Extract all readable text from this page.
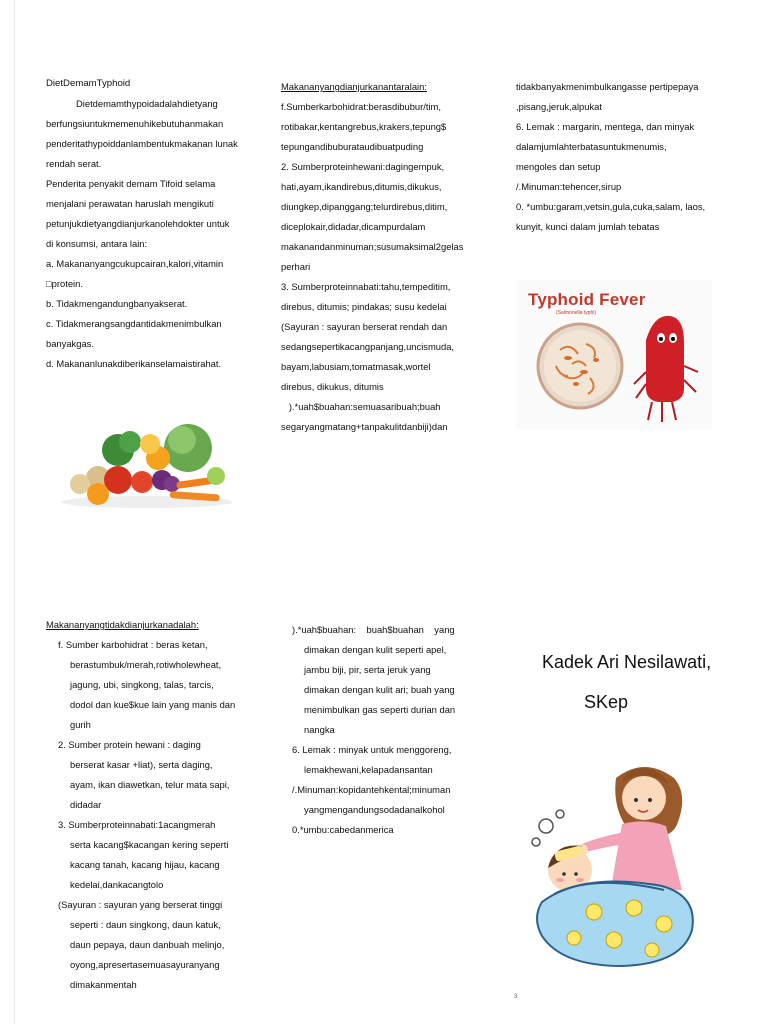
DietDemamTyphoid

Dietdemamthypoidadalahdietyang

berfungsiuntukmemenuhikebutuhanmakan

penderitathypoiddanlambentukmakanan lunak

rendah serat.

Penderita penyakit demam Tifoid selama

menjalani perawatan haruslah mengikuti

petunjukdietyangdianjurkanolehdokter untuk

di konsumsi, antara lain:

a. Makananyangcukupcairan,kalori,vitamin

□protein.

b. Tidakmengandungbanyakserat.

c. Tidakmerangsangdantidakmenimbulkan

banyakgas.

d. Makananlunakdiberikanselamaistirahat.

Makananyangdianjurkanantaralain:

f.Sumberkarbohidrat:berasdibubur/tim,

rotibakar,kentangrebus,krakers,tepung$

tepungandibuburataudibuatpuding

2. Sumberproteinhewani:dagingempuk,

hati,ayam,ikandirebus,ditumis,dikukus,

diungkep,dipanggang;telurdirebus,ditim,

diceplokair,didadar,dicampurdalam

makanandanminuman;susumaksimal2gelas

perhari

3. Sumberproteinnabati:tahu,tempeditim,

direbus, ditumis; pindakas; susu kedelai

(Sayuran : sayuran berserat rendah dan

sedangsepertikacangpanjang,uncismuda,

bayam,labusiam,tomatmasak,wortel

direbus, dikukus, ditumis

).*uah$buahan:semuasaribuah;buah

segaryangmatang+tanpakulitdanbiji)dan

tidakbanyakmenimbulkangasse pertipepaya

,pisang,jeruk,alpukat

6. Lemak : margarin, mentega, dan minyak

dalamjumlahterbatasuntukmenumis,

mengoles dan setup

/.Minuman:tehencer,sirup

0. *umbu:garam,vetsin,gula,cuka,salam, laos,

kunyit, kunci dalam jumlah tebatas

Typhoid Fever
(Salmonella typhi)

Makananyangtidakdianjurkanadalah:

f. Sumber karbohidrat : beras ketan,

berastumbuk/merah,rotiwholewheat,

jagung, ubi, singkong, talas, tarcis,

dodol dan kue$kue lain yang manis dan

gurih

2. Sumber protein hewani : daging

berserat kasar +liat), serta daging,

ayam, ikan diawetkan, telur mata sapi,

didadar

3. Sumberproteinnabati:1acangmerah

serta kacang$kacangan kering seperti

kacang tanah, kacang hijau, kacang

kedelai,dankacangtolo

(Sayuran : sayuran yang berserat tinggi

seperti : daun singkong, daun katuk,

daun pepaya, daun danbuah melinjo,

oyong,apresertasemuasayuranyang

dimakanmentah

).*uah$buahan:    buah$buahan    yang

dimakan dengan kulit seperti apel,

jambu biji, pir, serta jeruk yang

dimakan dengan kulit ari; buah yang

menimbulkan gas seperti durian dan

nangka

6. Lemak : minyak untuk menggoreng,

lemakhewani,kelapadansantan

/.Minuman:kopidantehkental;minuman

yangmengandungsodadanalkohol

0.*umbu:cabedanmerica

Kadek Ari Nesilawati,
SKep
3
